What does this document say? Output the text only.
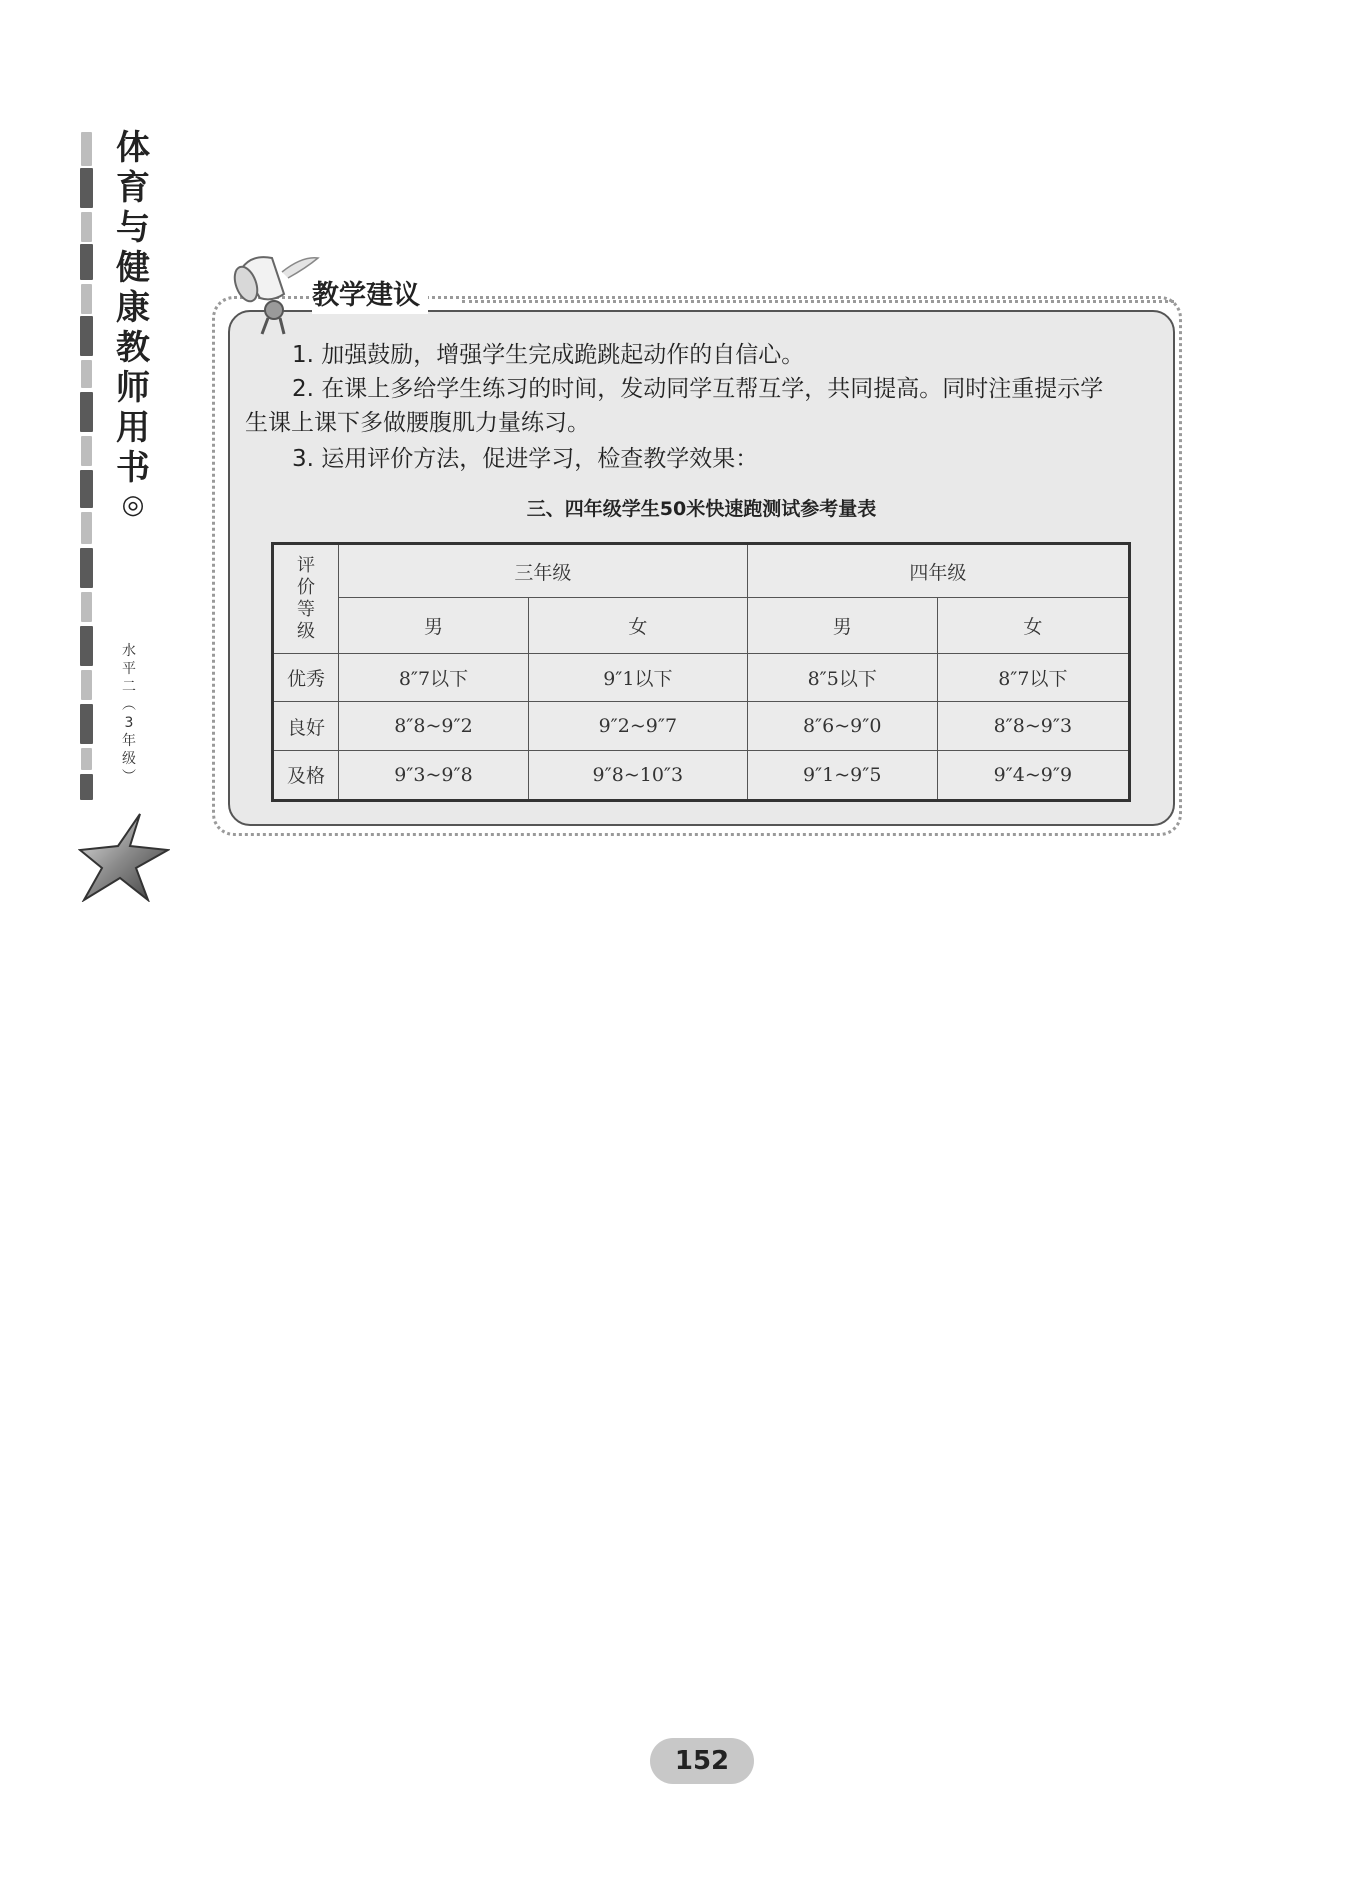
体
育
与
健
康
教
师
用
书
◎
水
平
二
︵
3
年
级
︶
教学建议
1. 加强鼓励，增强学生完成跪跳起动作的自信心。
2. 在课上多给学生练习的时间，发动同学互帮互学，共同提高。同时注重提示学
生课上课下多做腰腹肌力量练习。
3. 运用评价方法，促进学习，检查教学效果：
三、四年级学生50米快速跑测试参考量表
评
价
等
级	三年级		四年级	
	男	女	男	女
优秀	8″7以下	9″1以下	8″5以下	8″7以下
良好	8″8~9″2	9″2~9″7	8″6~9″0	8″8~9″3
及格	9″3~9″8	9″8~10″3	9″1~9″5	9″4~9″9
152
